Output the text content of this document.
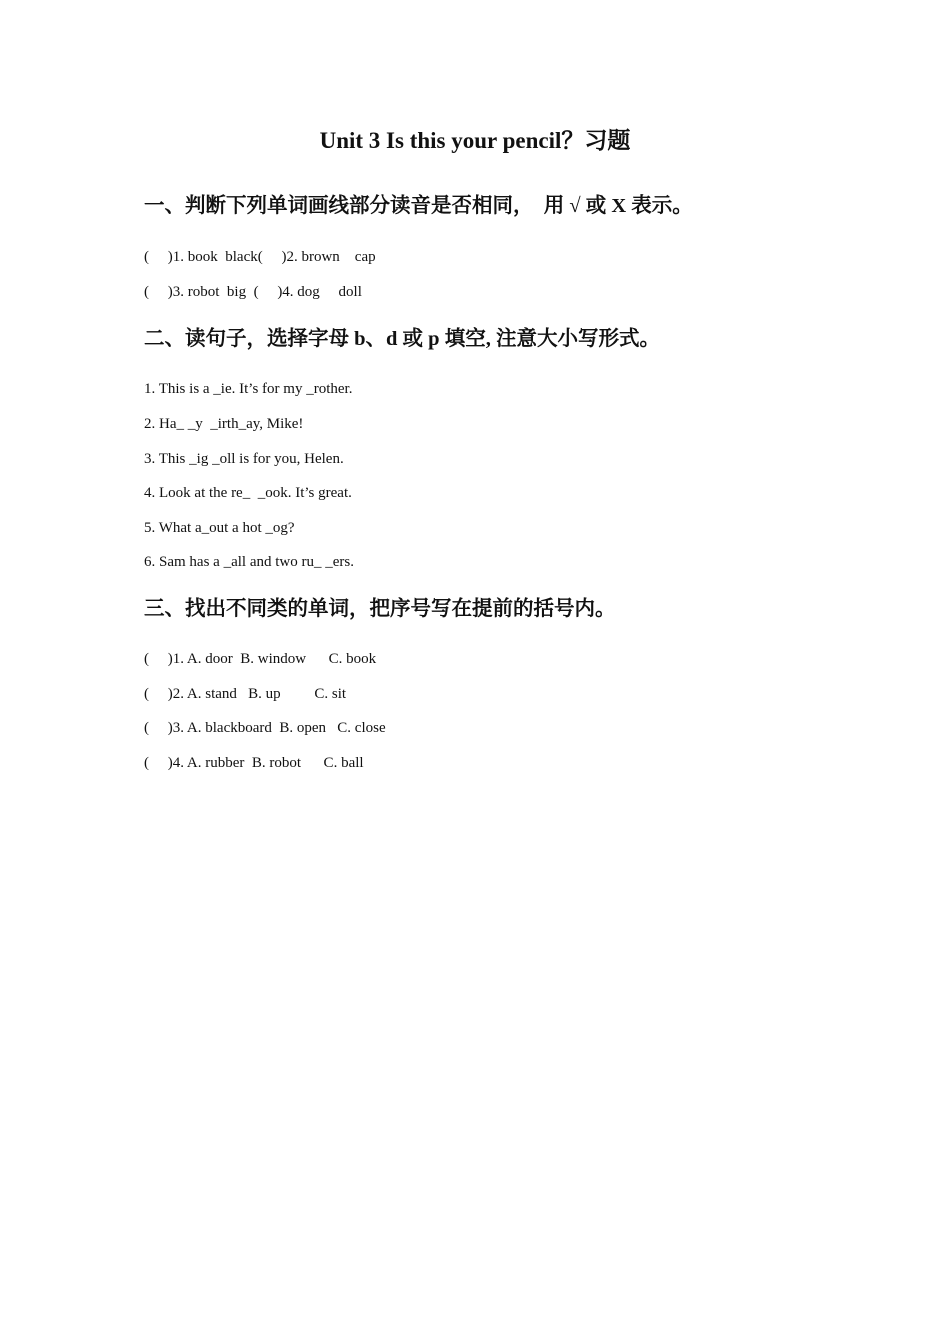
Unit 3 Is this your pencil？习题
一、判断下列单词画线部分读音是否相同，  用 √ 或 X 表示。
(     )1. book  black(     )2. brown    cap
(     )3. robot  big  (     )4. dog     doll
二、读句子，选择字母 b、d 或 p 填空, 注意大小写形式。
1. This is a _ie. It’s for my _rother.
2. Ha_ _y  _irth_ay, Mike!
3. This _ig _oll is for you, Helen.
4. Look at the re_  _ook. It’s great.
5. What a_out a hot _og?
6. Sam has a _all and two ru_ _ers.
三、找出不同类的单词，把序号写在提前的括号内。
(     )1. A. door  B. window      C. book
(     )2. A. stand   B. up         C. sit
(     )3. A. blackboard  B. open   C. close
(     )4. A. rubber  B. robot      C. ball
